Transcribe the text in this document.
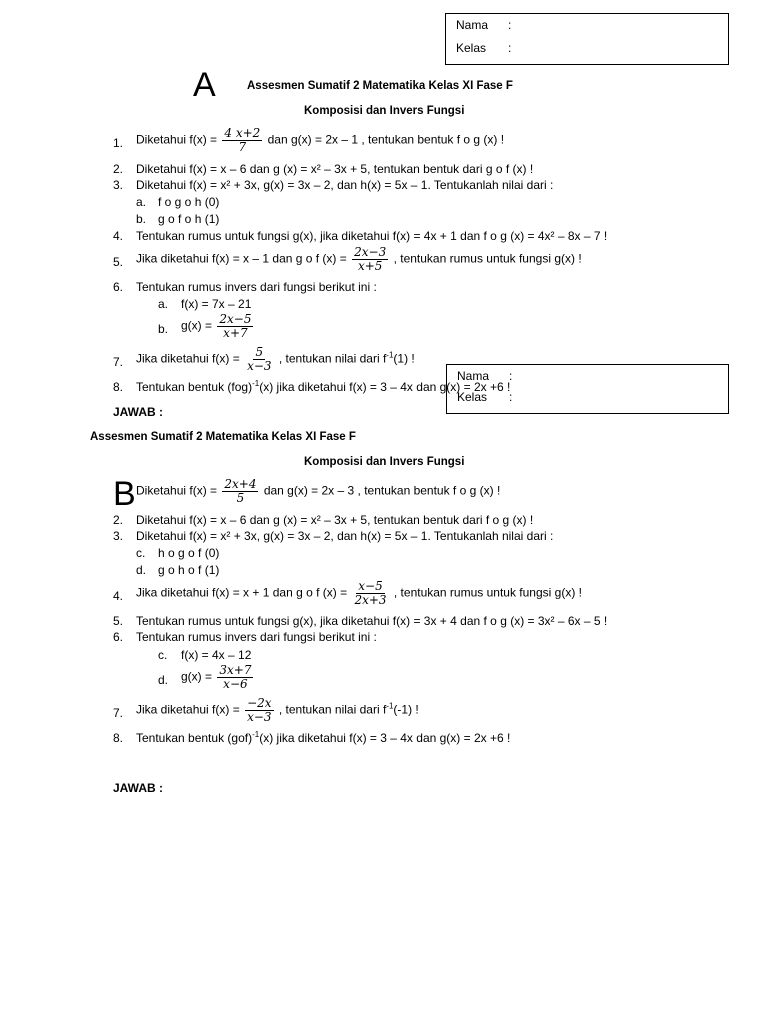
Nama :
Kelas :
A	Assesmen Sumatif 2 Matematika Kelas XI Fase F
Komposisi dan Invers Fungsi
1. Diketahui $f(x) = \frac{4 x+2}{7}$ dan g(x) = 2x – 1 , tentukan bentuk f o g (x) !
2. Diketahui f(x) = x – 6 dan g (x) = x² – 3x + 5, tentukan bentuk dari g o f (x) !
3. Diketahui f(x) = x² + 3x, g(x) = 3x – 2, dan h(x) = 5x – 1. Tentukanlah nilai dari :
a. f o g o h (0)
b. g o f o h (1)
4. Tentukan rumus untuk fungsi g(x), jika diketahui f(x) = 4x + 1 dan f o g (x) = 4x² – 8x – 7 !
5. Jika diketahui f(x) = x – 1 dan g o f $(x) = \frac{2x-3}{x+5}$ , tentukan rumus untuk fungsi g(x) !
6. Tentukan rumus invers dari fungsi berikut ini :
a. f(x) = 7x – 21
b. $g(x) = \frac{2x-5}{x+7}$
7. Jika diketahui $f(x) = \frac{5}{x-3}$ , tentukan nilai dari $f^{-1}(1)$ !
8. Tentukan bentuk (fog)$^{-1}$(x) jika diketahui f(x) = 3 – 4x dan g(x) = 2x +6 !
JAWAB :
Nama :
Kelas :
Assesmen Sumatif 2 Matematika Kelas XI Fase F
Komposisi dan Invers Fungsi
B Diketahui $f(x) = \frac{2x+4}{5}$ dan g(x) = 2x – 3 , tentukan bentuk f o g (x) !
2. Diketahui f(x) = x – 6 dan g (x) = x² – 3x + 5, tentukan bentuk dari f o g (x) !
3. Diketahui f(x) = x² + 3x, g(x) = 3x – 2, dan h(x) = 5x – 1. Tentukanlah nilai dari :
c. h o g o f (0)
d. g o h o f (1)
4. Jika diketahui f(x) = x + 1 dan g o f $(x) = \frac{x-5}{2x+3}$ , tentukan rumus untuk fungsi g(x) !
5. Tentukan rumus untuk fungsi g(x), jika diketahui f(x) = 3x + 4 dan f o g (x) = 3x² – 6x – 5 !
6. Tentukan rumus invers dari fungsi berikut ini :
c. f(x) = 4x – 12
d. $g(x) = \frac{3x+7}{x-6}$
7. Jika diketahui $f(x) = \frac{-2x}{x-3}$ , tentukan nilai dari $f^{-1}(-1)$ !
8. Tentukan bentuk (gof)$^{-1}$(x) jika diketahui f(x) = 3 – 4x dan g(x) = 2x +6 !
JAWAB :
